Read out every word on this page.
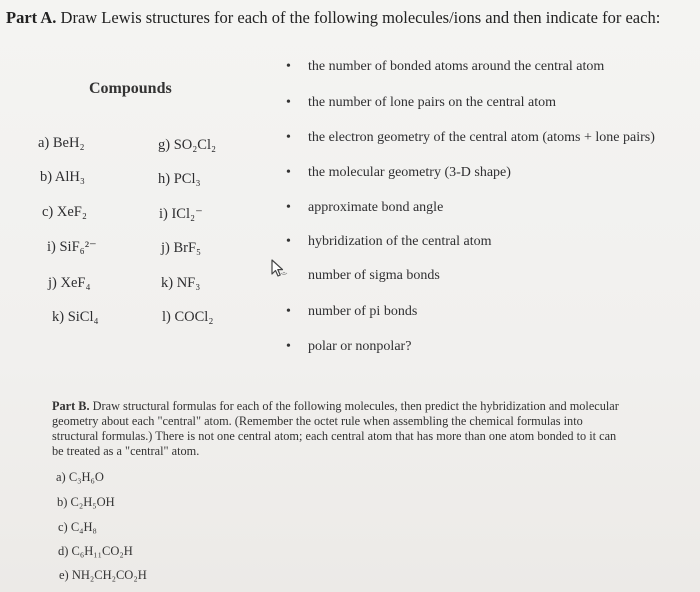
Part A. Draw Lewis structures for each of the following molecules/ions and then indicate for each:
Compounds
a) BeH₂
b) AlH₃
c) XeF₂
i) SiF₆²⁻
j) XeF₄
k) SiCl₄
g) SO₂Cl₂
h) PCl₃
i) ICl₂⁻
j) BrF₅
k) NF₃
l) COCl₂
•
•
•
•
•
•
•
•
the number of bonded atoms around the central atom
the number of lone pairs on the central atom
the electron geometry of the central atom (atoms + lone pairs)
the molecular geometry (3-D shape)
approximate bond angle
hybridization of the central atom
number of sigma bonds
number of pi bonds
polar or nonpolar?
Part B. Draw structural formulas for each of the following molecules, then predict the hybridization and molecular geometry about each "central" atom. (Remember the octet rule when assembling the chemical formulas into structural formulas.) There is not one central atom; each central atom that has more than one atom bonded to it can be treated as a "central" atom.
a) C₃H₆O
b) C₂H₅OH
c) C₄H₈
d) C₆H₁₁CO₂H
e) NH₂CH₂CO₂H
